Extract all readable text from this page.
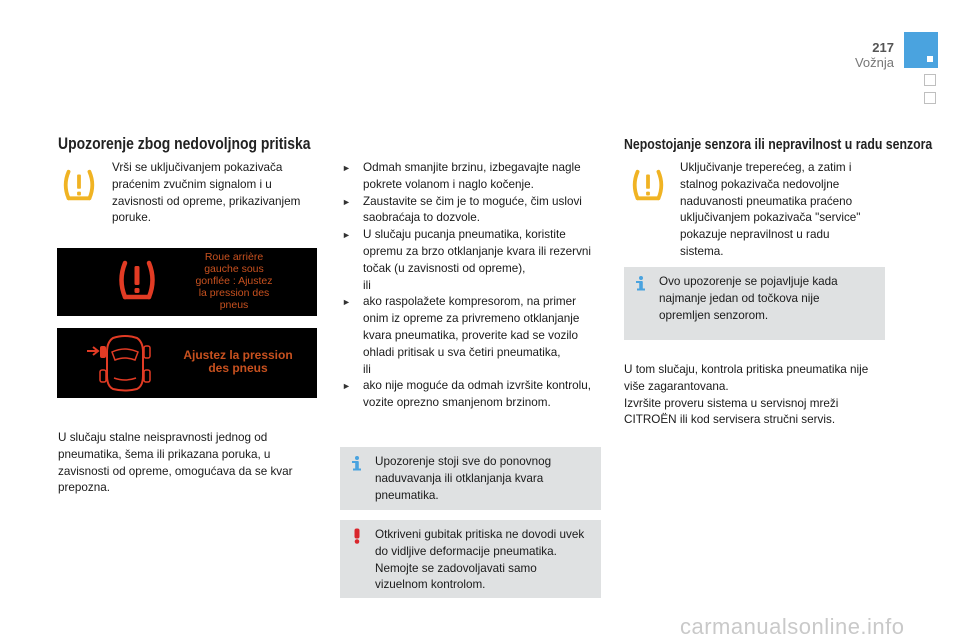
217
Vožnja
Upozorenje zbog nedovoljnog pritiska
Vrši se uključivanjem pokazivača praćenim zvučnim signalom i u zavisnosti od opreme, prikazivanjem poruke.
Roue arrière
gauche sous
gonflée : Ajustez
la pression des
pneus
Ajustez la pression
des pneus
U slučaju stalne neispravnosti jednog od pneumatika, šema ili prikazana poruka, u zavisnosti od opreme, omogućava da se kvar prepozna.
► Odmah smanjite brzinu, izbegavajte nagle pokrete volanom i naglo kočenje.
► Zaustavite se čim je to moguće, čim uslovi saobraćaja to dozvole.
► U slučaju pucanja pneumatika, koristite opremu za brzo otklanjanje kvara ili rezervni točak (u zavisnosti od opreme),
ili
► ako raspolažete kompresorom, na primer onim iz opreme za privremeno otklanjanje kvara pneumatika, proverite kad se vozilo ohladi pritisak u sva četiri pneumatika,
ili
► ako nije moguće da odmah izvršite kontrolu, vozite oprezno smanjenom brzinom.
Upozorenje stoji sve do ponovnog naduvavanja ili otklanjanja kvara pneumatika.
Otkriveni gubitak pritiska ne dovodi uvek do vidljive deformacije pneumatika. Nemojte se zadovoljavati samo vizuelnom kontrolom.
Nepostojanje senzora ili nepravilnost u radu senzora
Uključivanje treperećeg, a zatim i stalnog pokazivača nedovoljne naduvanosti pneumatika praćeno uključivanjem pokazivača "service" pokazuje nepravilnost u radu sistema.
Ovo upozorenje se pojavljuje kada najmanje jedan od točkova nije opremljen senzorom.
U tom slučaju, kontrola pritiska pneumatika nije više zagarantovana.
Izvršite proveru sistema u servisnoj mreži CITROËN ili kod servisera stručni servis.
carmanualsonline.info
